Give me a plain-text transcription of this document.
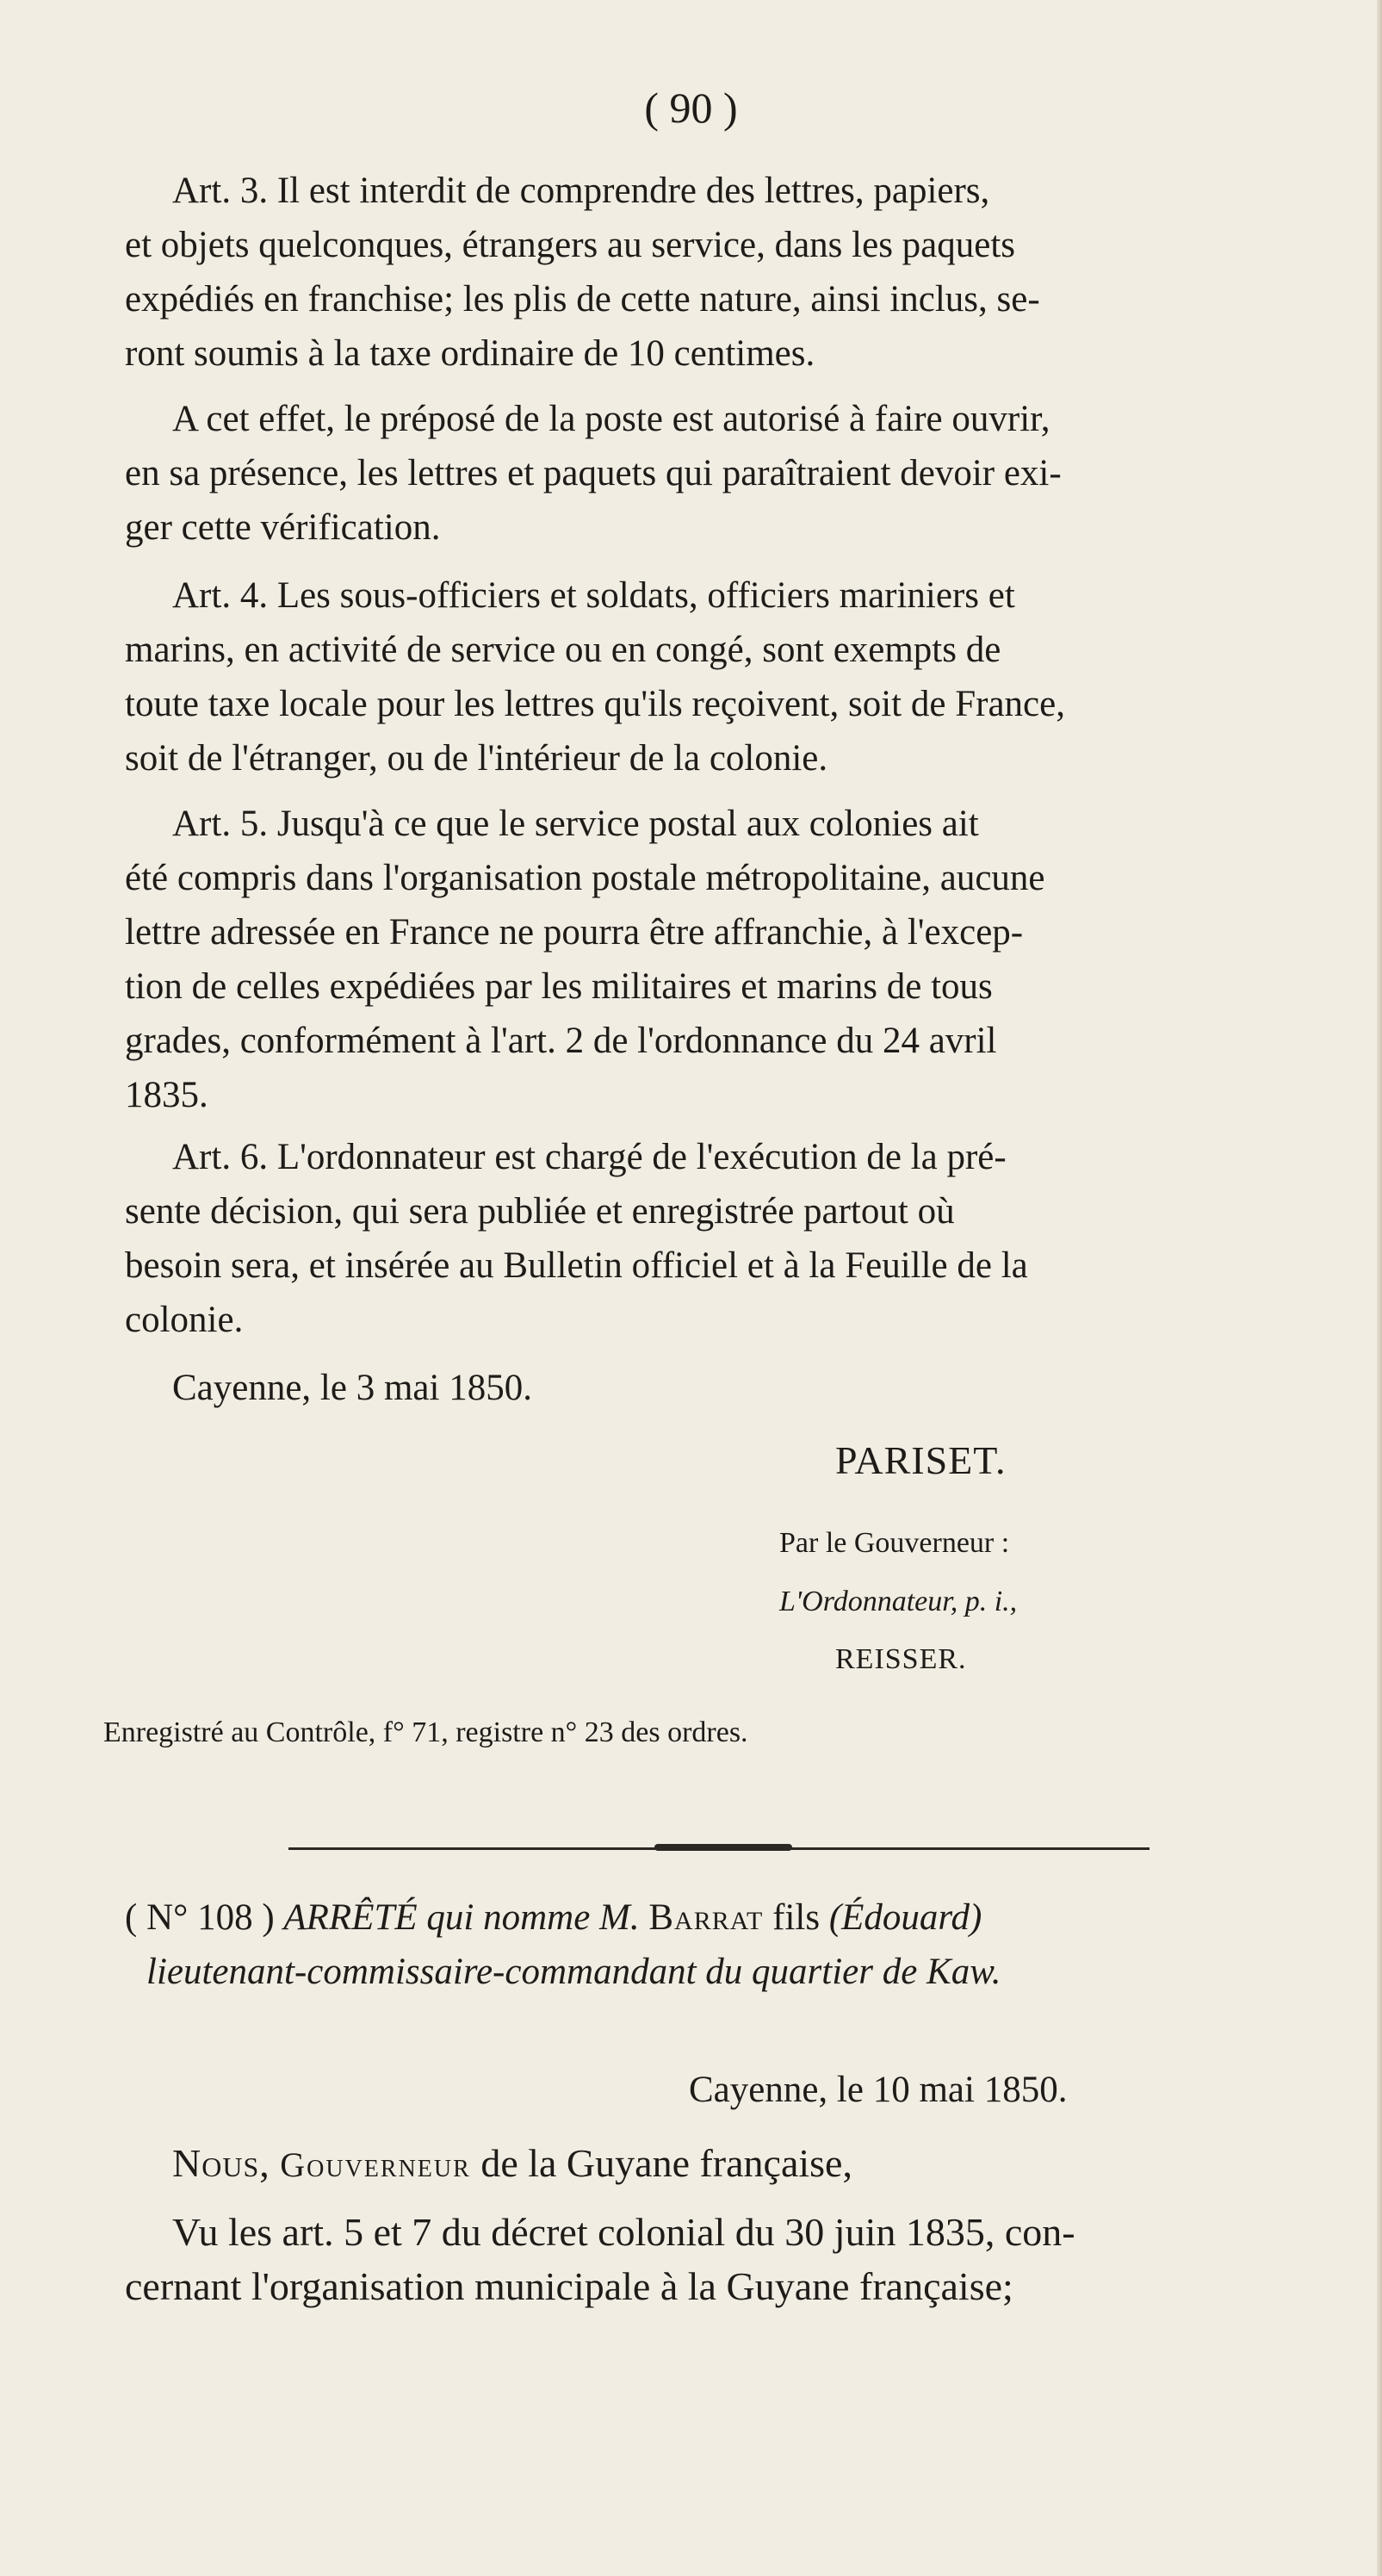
( 90 )
Art. 3. Il est interdit de comprendre des lettres, papiers,
et objets quelconques, étrangers au service, dans les paquets
expédiés en franchise; les plis de cette nature, ainsi inclus, se-
ront soumis à la taxe ordinaire de 10 centimes.
A cet effet, le préposé de la poste est autorisé à faire ouvrir,
en sa présence, les lettres et paquets qui paraîtraient devoir exi-
ger cette vérification.
Art. 4. Les sous-officiers et soldats, officiers mariniers et
marins, en activité de service ou en congé, sont exempts de
toute taxe locale pour les lettres qu'ils reçoivent, soit de France,
soit de l'étranger, ou de l'intérieur de la colonie.
Art. 5. Jusqu'à ce que le service postal aux colonies ait
été compris dans l'organisation postale métropolitaine, aucune
lettre adressée en France ne pourra être affranchie, à l'excep-
tion de celles expédiées par les militaires et marins de tous
grades, conformément à l'art. 2 de l'ordonnance du 24 avril
1835.
Art. 6. L'ordonnateur est chargé de l'exécution de la pré-
sente décision, qui sera publiée et enregistrée partout où
besoin sera, et insérée au Bulletin officiel et à la Feuille de la
colonie.
Cayenne, le 3 mai 1850.
PARISET.
Par le Gouverneur :
L'Ordonnateur, p. i.,
REISSER.
Enregistré au Contrôle, f° 71, registre n° 23 des ordres.
( N° 108 ) ARRÊTÉ qui nomme M. Barrat fils (Édouard)
lieutenant-commissaire-commandant du quartier de Kaw.
Cayenne, le 10 mai 1850.
Nous, Gouverneur de la Guyane française,
Vu les art. 5 et 7 du décret colonial du 30 juin 1835, con-
cernant l'organisation municipale à la Guyane française;
